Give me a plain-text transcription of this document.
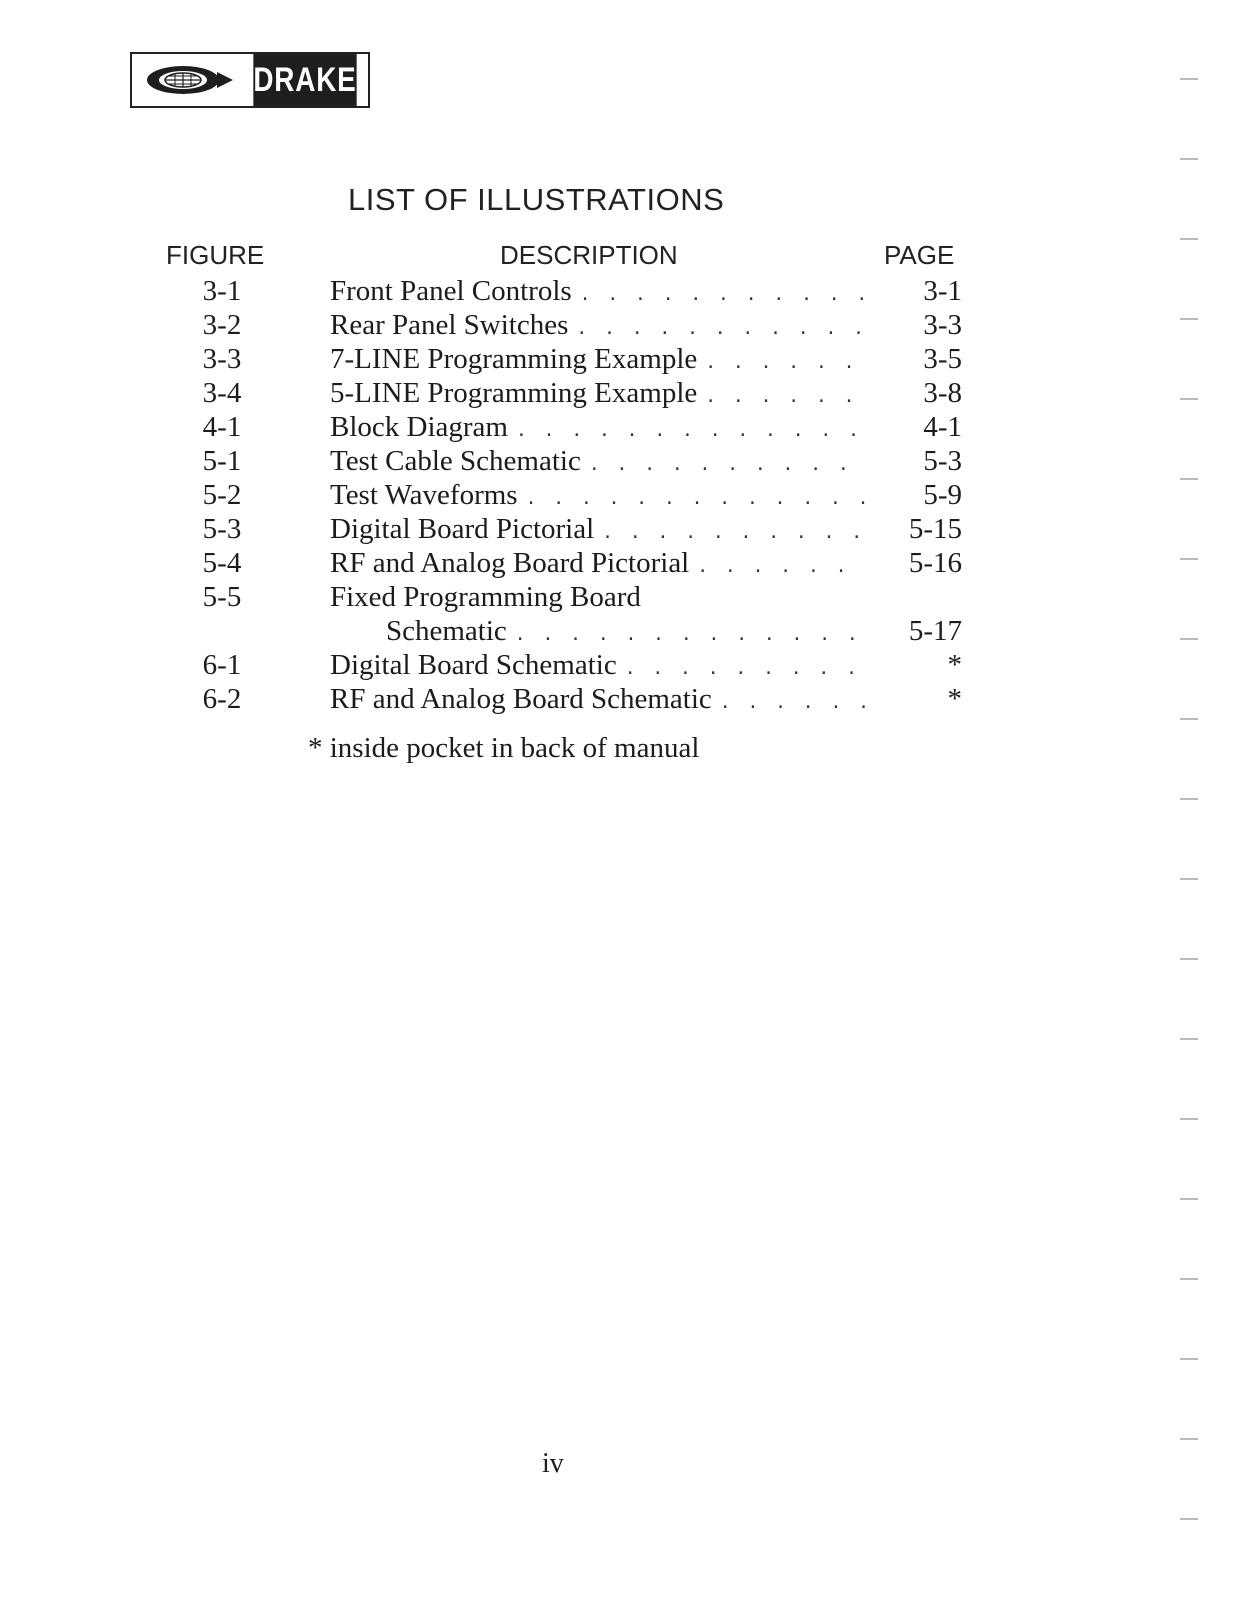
DRAKE
LIST OF ILLUSTRATIONS
FIGURE	DESCRIPTION	PAGE
3-1	Front Panel Controls . . .	3-1
3-2	Rear Panel Switches . . .	3-3
3-3	7-LINE Programming Example . . .	3-5
3-4	5-LINE Programming Example . . .	3-8
4-1	Block Diagram . . .	4-1
5-1	Test Cable Schematic . . .	5-3
5-2	Test Waveforms . . .	5-9
5-3	Digital Board Pictorial . . .	5-15
5-4	RF and Analog Board Pictorial . . .	5-16
5-5	Fixed Programming Board
Schematic . . .	5-17
6-1	Digital Board Schematic . . .	*
6-2	RF and Analog Board Schematic . . .	*
* inside pocket in back of manual
iv
